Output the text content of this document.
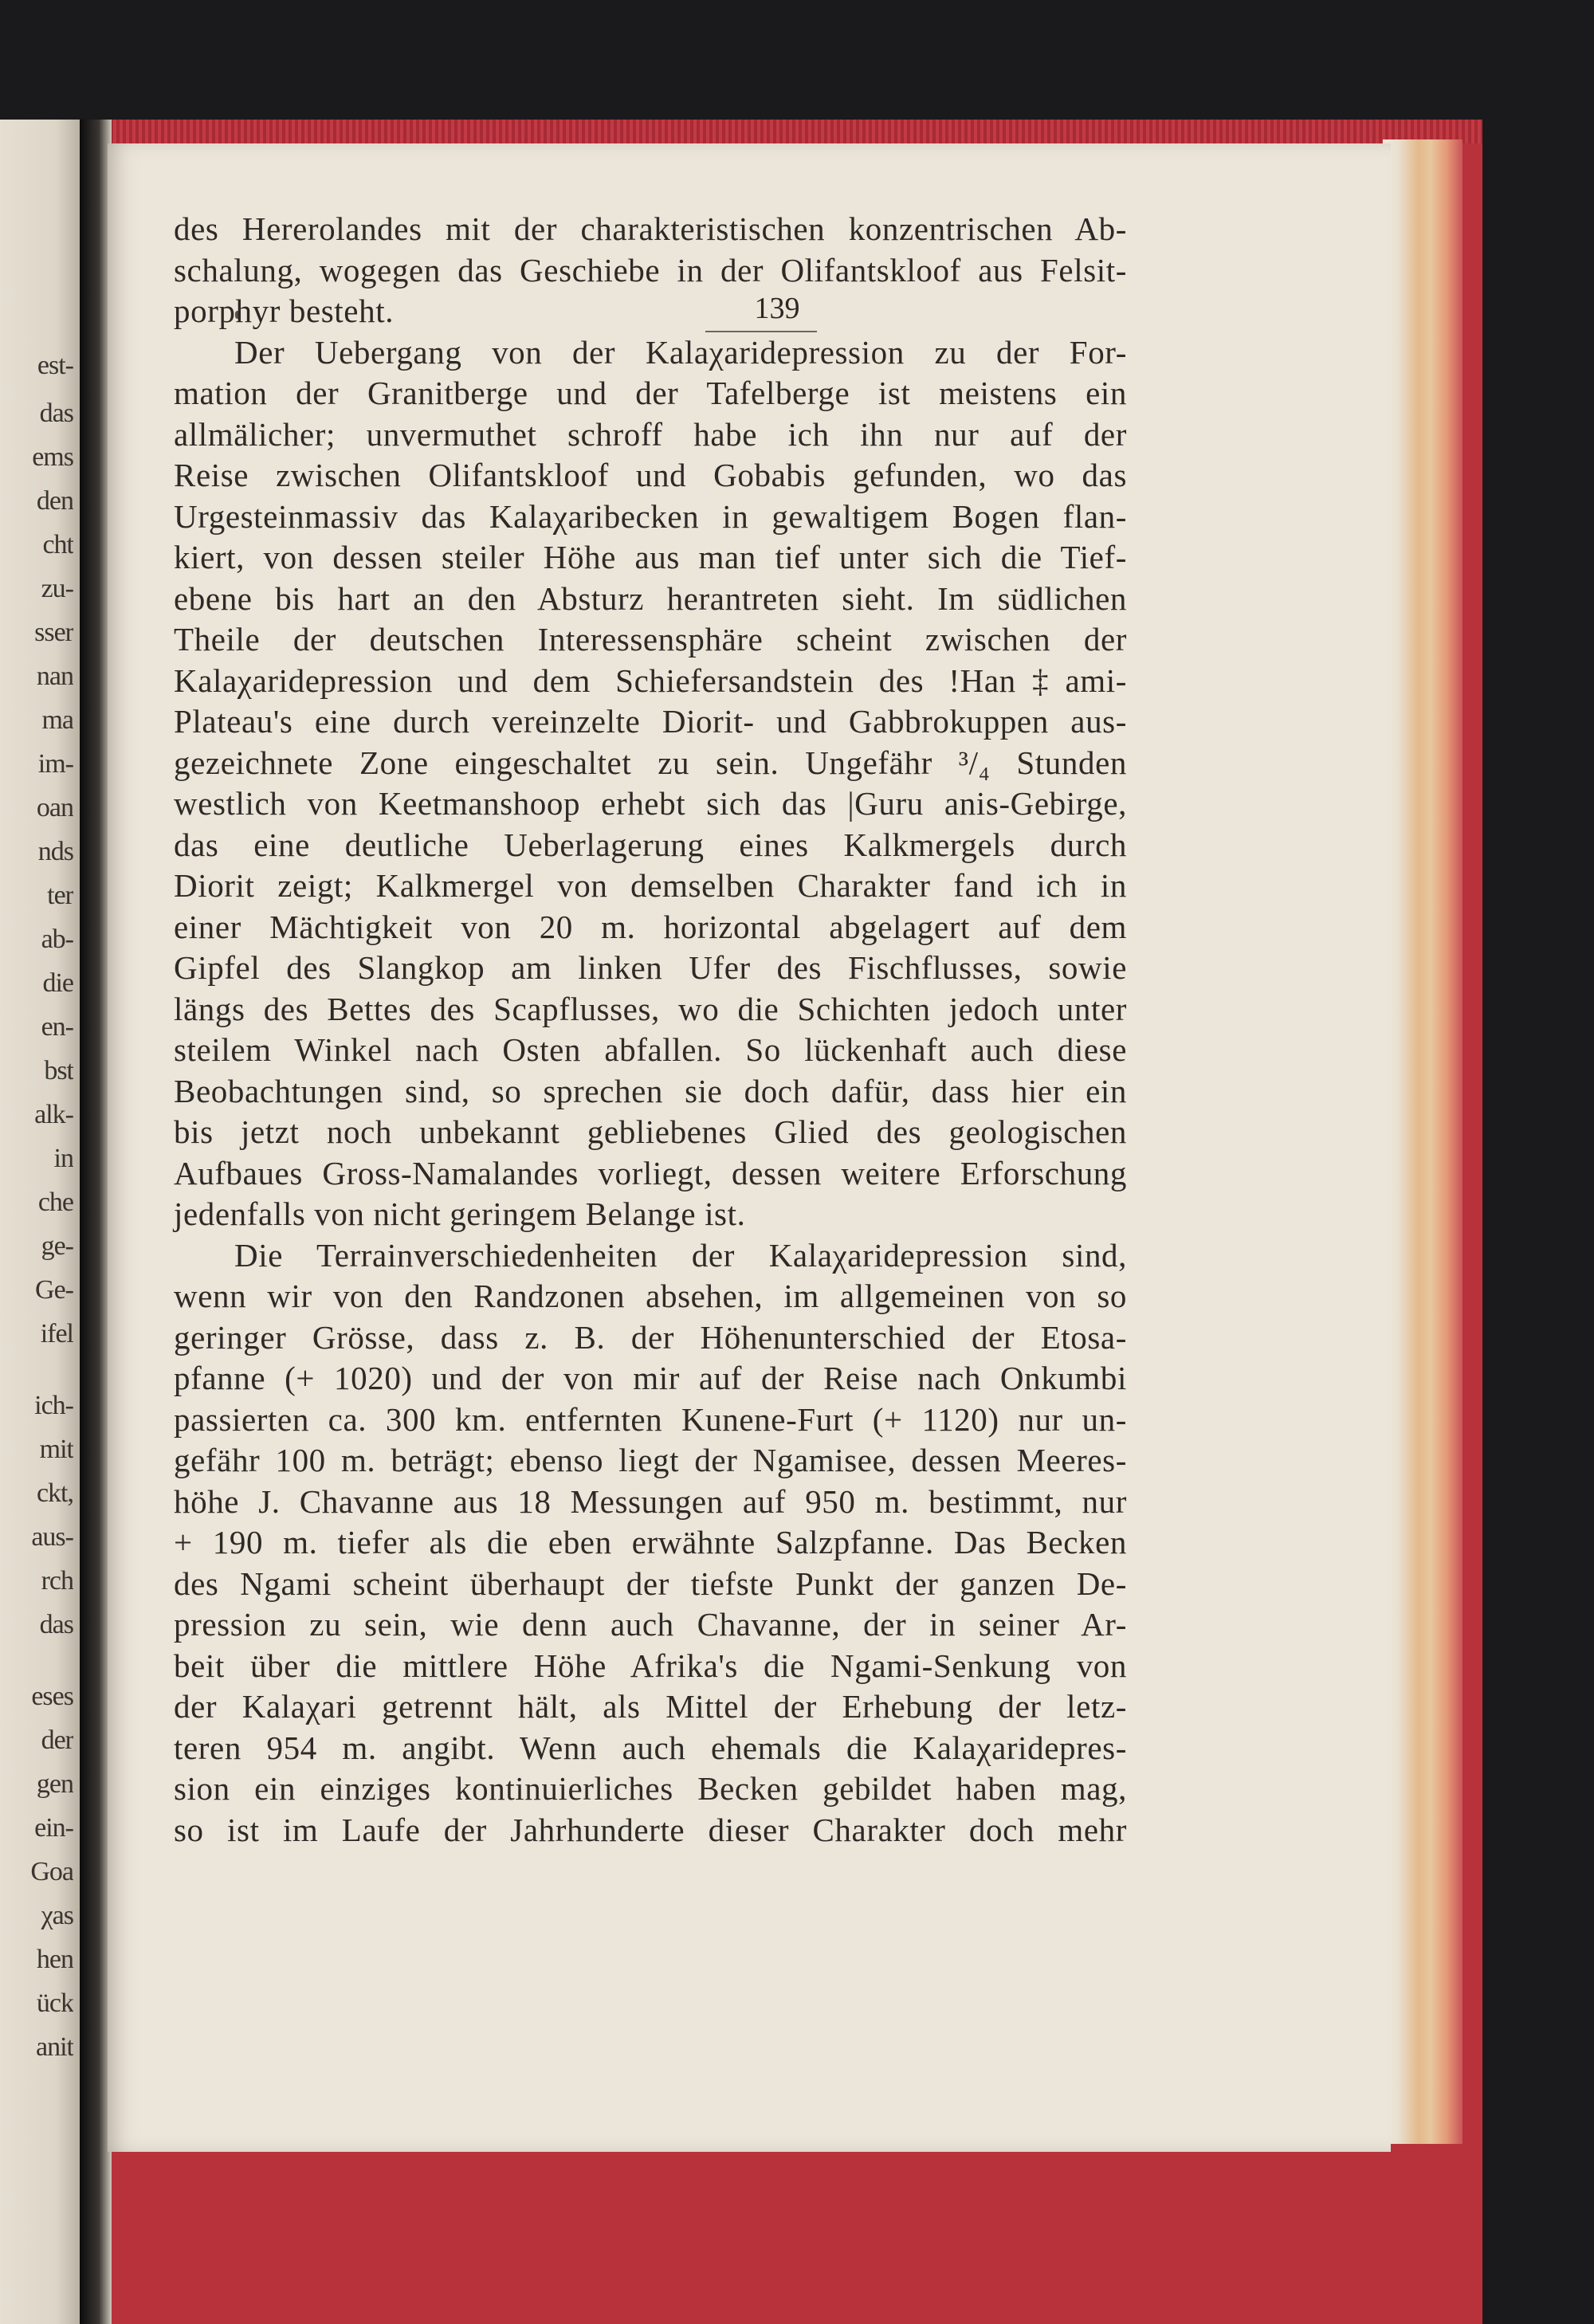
est-
das
ems
den
cht
zu-
sser
nan
ma
im-
oan
nds
ter
ab-
die
en-
bst
alk-
in
che
ge-
Ge-
ifel
ich-
mit
ckt,
aus-
rch
das
eses
der
gen
ein-
Goa
χas
hen
ück
anit

139

des Hererolandes mit der charakteristischen konzentrischen Ab-
schalung, wogegen das Geschiebe in der Olifantskloof aus Felsit-
porphyr besteht.
Der Uebergang von der Kalaχaridepression zu der For-
mation der Granitberge und der Tafelberge ist meistens ein
allmälicher; unvermuthet schroff habe ich ihn nur auf der
Reise zwischen Olifantskloof und Gobabis gefunden, wo das
Urgesteinmassiv das Kalaχaribecken in gewaltigem Bogen flan-
kiert, von dessen steiler Höhe aus man tief unter sich die Tief-
ebene bis hart an den Absturz herantreten sieht. Im südlichen
Theile der deutschen Interessensphäre scheint zwischen der
Kalaχaridepression und dem Schiefersandstein des !Han‡ami-
Plateau's eine durch vereinzelte Diorit- und Gabbrokuppen aus-
gezeichnete Zone eingeschaltet zu sein. Ungefähr ³/₄ Stunden
westlich von Keetmanshoop erhebt sich das |Guru anis-Gebirge,
das eine deutliche Ueberlagerung eines Kalkmergels durch
Diorit zeigt; Kalkmergel von demselben Charakter fand ich in
einer Mächtigkeit von 20 m. horizontal abgelagert auf dem
Gipfel des Slangkop am linken Ufer des Fischflusses, sowie
längs des Bettes des Scapflusses, wo die Schichten jedoch unter
steilem Winkel nach Osten abfallen. So lückenhaft auch diese
Beobachtungen sind, so sprechen sie doch dafür, dass hier ein
bis jetzt noch unbekannt gebliebenes Glied des geologischen
Aufbaues Gross-Namalandes vorliegt, dessen weitere Erforschung
jedenfalls von nicht geringem Belange ist.
Die Terrainverschiedenheiten der Kalaχaridepression sind,
wenn wir von den Randzonen absehen, im allgemeinen von so
geringer Grösse, dass z. B. der Höhenunterschied der Etosa-
pfanne (+ 1020) und der von mir auf der Reise nach Onkumbi
passierten ca. 300 km. entfernten Kunene-Furt (+ 1120) nur un-
gefähr 100 m. beträgt; ebenso liegt der Ngamisee, dessen Meeres-
höhe J. Chavanne aus 18 Messungen auf 950 m. bestimmt, nur
+ 190 m. tiefer als die eben erwähnte Salzpfanne. Das Becken
des Ngami scheint überhaupt der tiefste Punkt der ganzen De-
pression zu sein, wie denn auch Chavanne, der in seiner Ar-
beit über die mittlere Höhe Afrika's die Ngami-Senkung von
der Kalaχari getrennt hält, als Mittel der Erhebung der letz-
teren 954 m. angibt. Wenn auch ehemals die Kalaχaridepres-
sion ein einziges kontinuierliches Becken gebildet haben mag,
so ist im Laufe der Jahrhunderte dieser Charakter doch mehr
